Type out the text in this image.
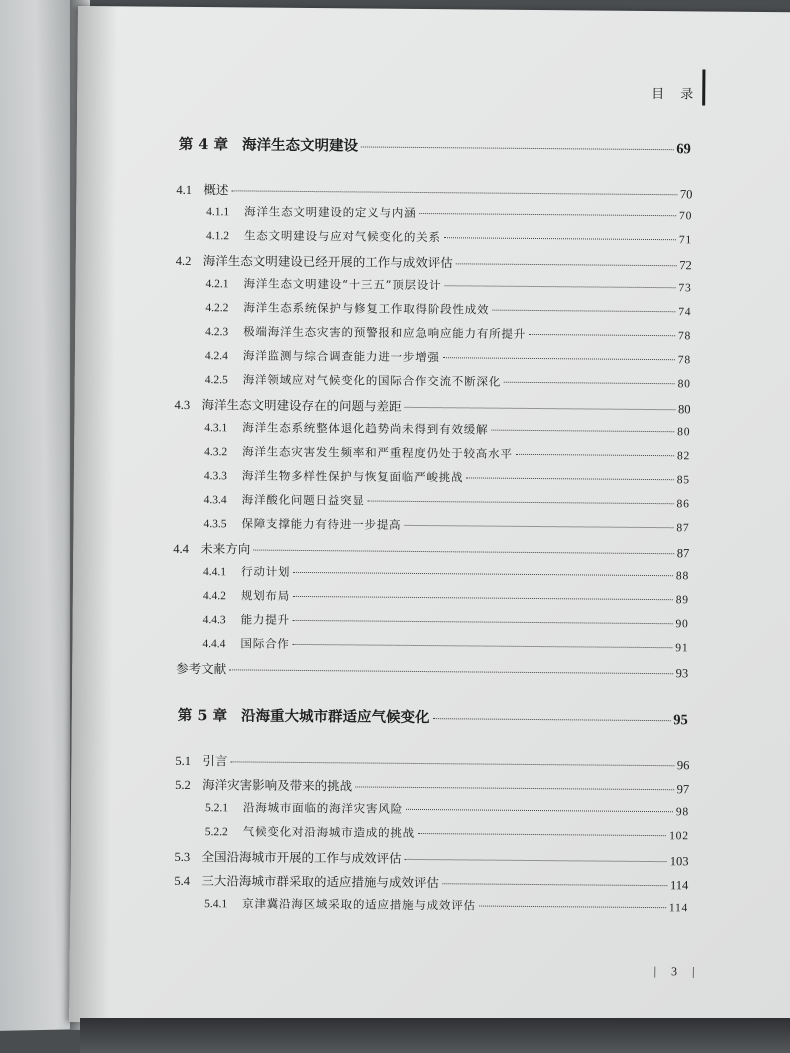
目 录
第 4 章 海洋生态文明建设	69
4.1 概述	70
4.1.1	海洋生态文明建设的定义与内涵	70
4.1.2	生态文明建设与应对气候变化的关系	71
4.2 海洋生态文明建设已经开展的工作与成效评估	72
4.2.1	海洋生态文明建设“十三五”顶层设计	73
4.2.2	海洋生态系统保护与修复工作取得阶段性成效	74
4.2.3	极端海洋生态灾害的预警报和应急响应能力有所提升	78
4.2.4	海洋监测与综合调查能力进一步增强	78
4.2.5	海洋领域应对气候变化的国际合作交流不断深化	80
4.3 海洋生态文明建设存在的问题与差距	80
4.3.1	海洋生态系统整体退化趋势尚未得到有效缓解	80
4.3.2	海洋生态灾害发生频率和严重程度仍处于较高水平	82
4.3.3	海洋生物多样性保护与恢复面临严峻挑战	85
4.3.4	海洋酸化问题日益突显	86
4.3.5	保障支撑能力有待进一步提高	87
4.4 未来方向	87
4.4.1	行动计划	88
4.4.2	规划布局	89
4.4.3	能力提升	90
4.4.4	国际合作	91
参考文献	93
第 5 章 沿海重大城市群适应气候变化	95
5.1 引言	96
5.2 海洋灾害影响及带来的挑战	97
5.2.1	沿海城市面临的海洋灾害风险	98
5.2.2	气候变化对沿海城市造成的挑战	102
5.3 全国沿海城市开展的工作与成效评估	103
5.4 三大沿海城市群采取的适应措施与成效评估	114
5.4.1	京津冀沿海区域采取的适应措施与成效评估	114
| 3 |
